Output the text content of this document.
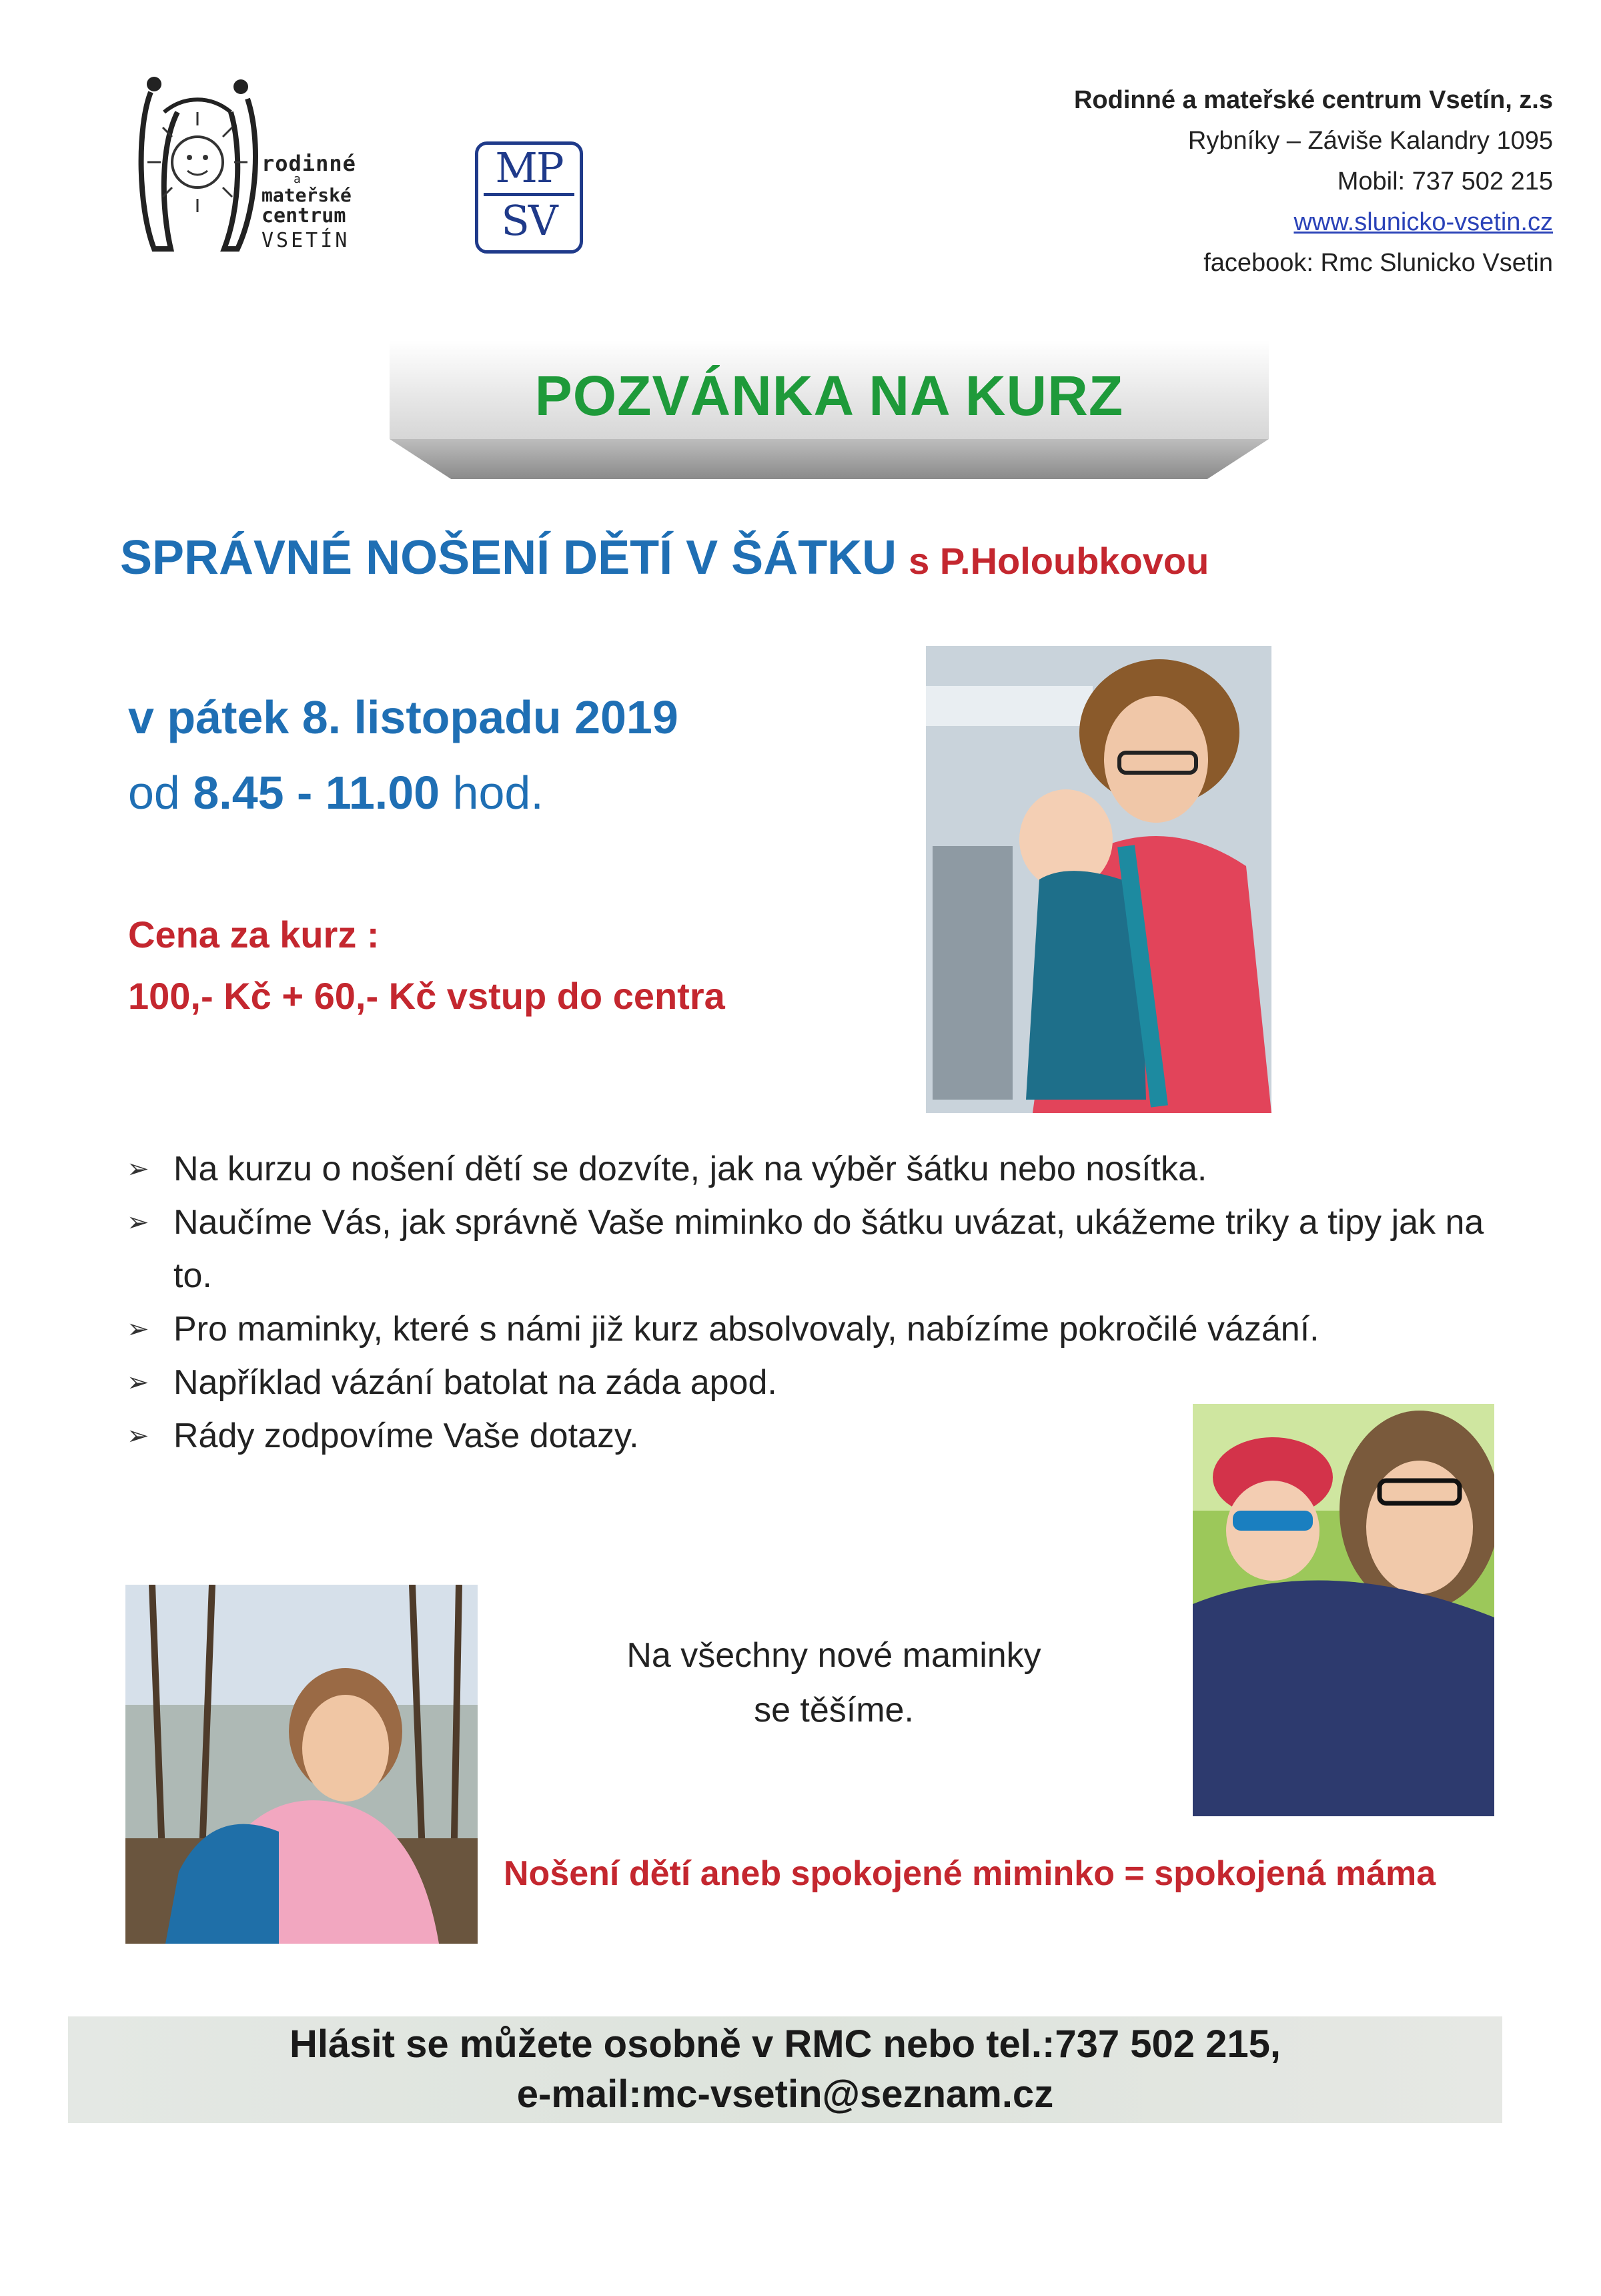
rodinné
a
mateřské
centrum
VSETÍN
MP
SV
Rodinné a mateřské centrum Vsetín, z.s
Rybníky – Záviše Kalandry 1095
Mobil: 737 502 215
www.slunicko-vsetin.cz
facebook: Rmc Slunicko Vsetin
POZVÁNKA NA KURZ
SPRÁVNÉ NOŠENÍ DĚTÍ V ŠÁTKU s P.Holoubkovou
v pátek 8. listopadu 2019
od 8.45 - 11.00 hod.
Cena za kurz :
100,- Kč + 60,- Kč vstup do centra
➢ Na kurzu o nošení dětí se dozvíte, jak na výběr šátku nebo nosítka.
➢ Naučíme Vás, jak správně Vaše miminko do šátku uvázat, ukážeme triky a tipy jak na to.
➢ Pro maminky, které s námi již kurz absolvovaly, nabízíme pokročilé vázání.
➢ Například vázání batolat na záda apod.
➢ Rády zodpovíme Vaše dotazy.
Na všechny nové maminky
se těšíme.
Nošení dětí aneb spokojené miminko = spokojená máma
Hlásit se můžete osobně v RMC nebo tel.:737 502 215,
e-mail:mc-vsetin@seznam.cz
